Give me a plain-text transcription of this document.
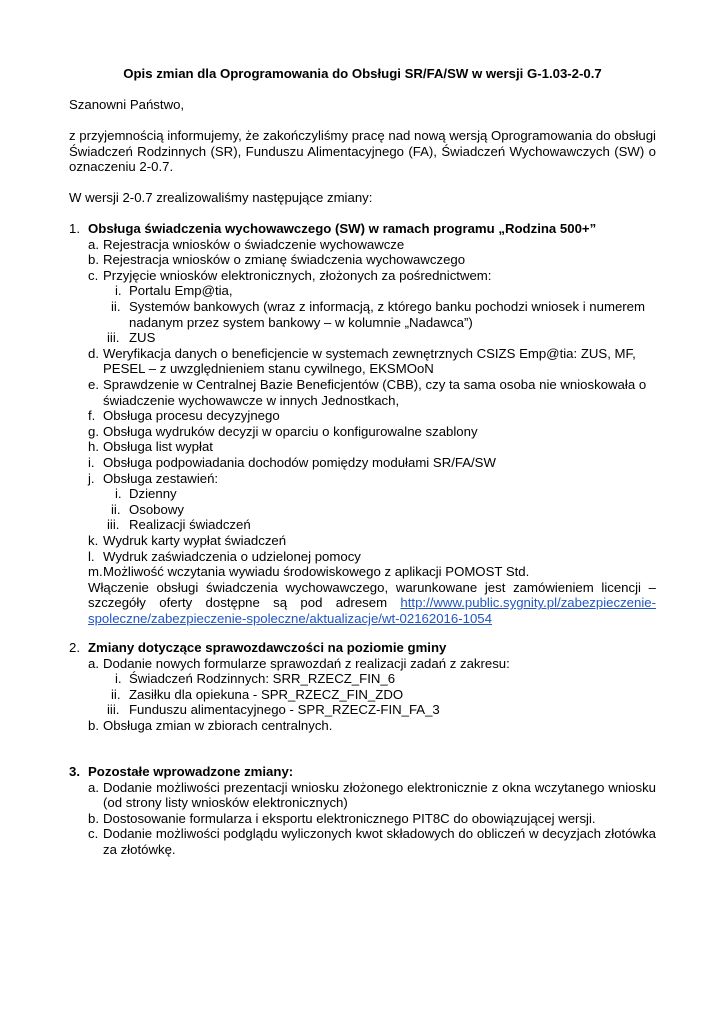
Opis zmian dla Oprogramowania do Obsługi SR/FA/SW w wersji G-1.03-2-0.7
Szanowni Państwo,
z przyjemnością informujemy, że zakończyliśmy pracę nad nową wersją Oprogramowania do obsługi Świadczeń Rodzinnych (SR), Funduszu Alimentacyjnego (FA), Świadczeń Wychowawczych (SW) o oznaczeniu 2-0.7.
W wersji 2-0.7 zrealizowaliśmy następujące zmiany:
1. Obsługa świadczenia wychowawczego (SW) w ramach programu „Rodzina 500+”
a. Rejestracja wniosków o świadczenie wychowawcze
b. Rejestracja wniosków o zmianę świadczenia wychowawczego
c. Przyjęcie wniosków elektronicznych, złożonych za pośrednictwem:
i. Portalu Emp@tia,
ii. Systemów bankowych (wraz z informacją, z którego banku pochodzi wniosek i numerem nadanym przez system bankowy – w kolumnie „Nadawca”)
iii. ZUS
d. Weryfikacja danych o beneficjencie w systemach zewnętrznych CSIZS Emp@tia: ZUS, MF, PESEL – z uwzględnieniem stanu cywilnego, EKSMOoN
e. Sprawdzenie w Centralnej Bazie Beneficjentów (CBB), czy ta sama osoba nie wnioskowała o świadczenie wychowawcze w innych Jednostkach,
f. Obsługa procesu decyzyjnego
g. Obsługa wydruków decyzji w oparciu o konfigurowalne szablony
h. Obsługa list wypłat
i. Obsługa podpowiadania dochodów pomiędzy modułami SR/FA/SW
j. Obsługa zestawień:
i. Dzienny
ii. Osobowy
iii. Realizacji świadczeń
k. Wydruk karty wypłat świadczeń
l. Wydruk zaświadczenia o udzielonej pomocy
m. Możliwość wczytania wywiadu środowiskowego z aplikacji POMOST Std.
Włączenie obsługi świadczenia wychowawczego, warunkowane jest zamówieniem licencji – szczegóły oferty dostępne są pod adresem http://www.public.sygnity.pl/zabezpieczenie-spoleczne/zabezpieczenie-spoleczne/aktualizacje/wt-02162016-1054
2. Zmiany dotyczące sprawozdawczości na poziomie gminy
a. Dodanie nowych formularze sprawozdań z realizacji zadań z zakresu:
i. Świadczeń Rodzinnych: SRR_RZECZ_FIN_6
ii. Zasiłku dla opiekuna - SPR_RZECZ_FIN_ZDO
iii. Funduszu alimentacyjnego - SPR_RZECZ-FIN_FA_3
b. Obsługa zmian w zbiorach centralnych.
3. Pozostałe wprowadzone zmiany:
a. Dodanie możliwości prezentacji wniosku złożonego elektronicznie z okna wczytanego wniosku (od strony listy wniosków elektronicznych)
b. Dostosowanie formularza i eksportu elektronicznego PIT8C do obowiązującej wersji.
c. Dodanie możliwości podglądu wyliczonych kwot składowych do obliczeń w decyzjach złotówka za złotówkę.
